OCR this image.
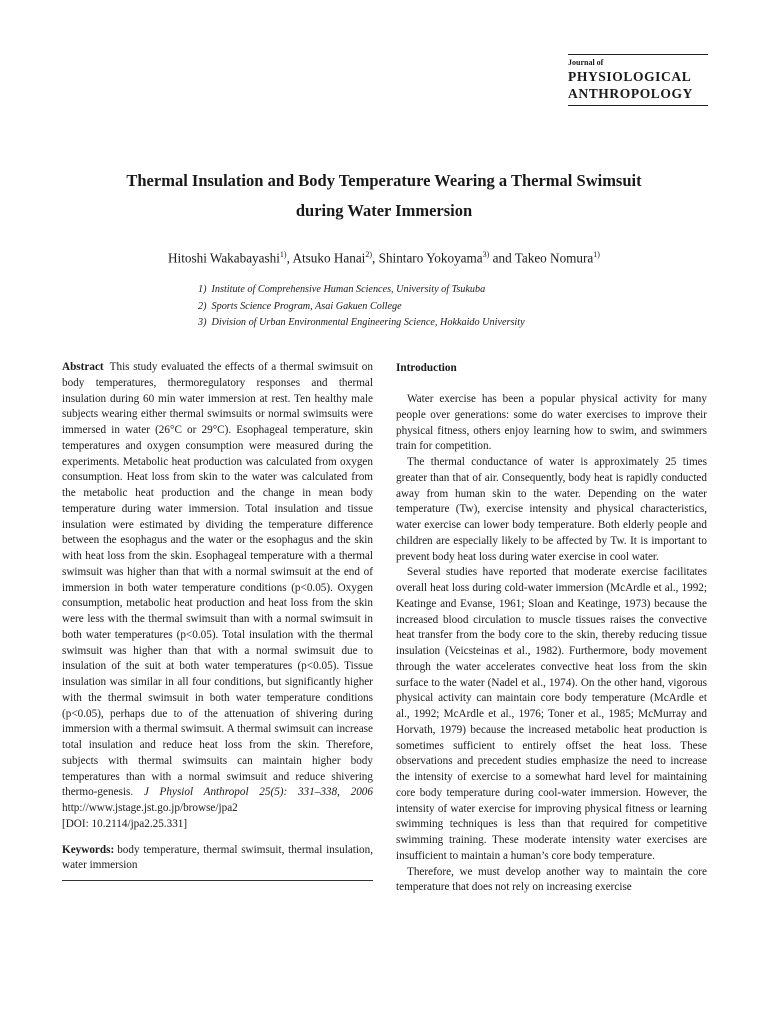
Journal of
PHYSIOLOGICAL
ANTHROPOLOGY
Thermal Insulation and Body Temperature Wearing a Thermal Swimsuit
during Water Immersion
Hitoshi Wakabayashi$^{1)}$, Atsuko Hanai$^{2)}$, Shintaro Yokoyama$^{3)}$ and Takeo Nomura$^{1)}$
1) Institute of Comprehensive Human Sciences, University of Tsukuba
2) Sports Science Program, Asai Gakuen College
3) Division of Urban Environmental Engineering Science, Hokkaido University
Abstract This study evaluated the effects of a thermal swimsuit on body temperatures, thermoregulatory responses and thermal insulation during 60 min water immersion at rest. Ten healthy male subjects wearing either thermal swimsuits or normal swimsuits were immersed in water (26°C or 29°C). Esophageal temperature, skin temperatures and oxygen consumption were measured during the experiments. Metabolic heat production was calculated from oxygen consumption. Heat loss from skin to the water was calculated from the metabolic heat production and the change in mean body temperature during water immersion. Total insulation and tissue insulation were estimated by dividing the temperature difference between the esophagus and the water or the esophagus and the skin with heat loss from the skin. Esophageal temperature with a thermal swimsuit was higher than that with a normal swimsuit at the end of immersion in both water temperature conditions (p<0.05). Oxygen consumption, metabolic heat production and heat loss from the skin were less with the thermal swimsuit than with a normal swimsuit in both water temperatures (p<0.05). Total insulation with the thermal swimsuit was higher than that with a normal swimsuit due to insulation of the suit at both water temperatures (p<0.05). Tissue insulation was similar in all four conditions, but significantly higher with the thermal swimsuit in both water temperature conditions (p<0.05), perhaps due to of the attenuation of shivering during immersion with a thermal swimsuit. A thermal swimsuit can increase total insulation and reduce heat loss from the skin. Therefore, subjects with thermal swimsuits can maintain higher body temperatures than with a normal swimsuit and reduce shivering thermo-genesis. J Physiol Anthropol 25(5): 331–338, 2006 http://www.jstage.jst.go.jp/browse/jpa2
[DOI: 10.2114/jpa2.25.331]
Keywords: body temperature, thermal swimsuit, thermal insulation, water immersion
Introduction

Water exercise has been a popular physical activity for many people over generations: some do water exercises to improve their physical fitness, others enjoy learning how to swim, and swimmers train for competition.

The thermal conductance of water is approximately 25 times greater than that of air. Consequently, body heat is rapidly conducted away from human skin to the water. Depending on the water temperature (Tw), exercise intensity and physical characteristics, water exercise can lower body temperature. Both elderly people and children are especially likely to be affected by Tw. It is important to prevent body heat loss during water exercise in cool water.

Several studies have reported that moderate exercise facilitates overall heat loss during cold-water immersion (McArdle et al., 1992; Keatinge and Evanse, 1961; Sloan and Keatinge, 1973) because the increased blood circulation to muscle tissues raises the convective heat transfer from the body core to the skin, thereby reducing tissue insulation (Veicsteinas et al., 1982). Furthermore, body movement through the water accelerates convective heat loss from the skin surface to the water (Nadel et al., 1974). On the other hand, vigorous physical activity can maintain core body temperature (McArdle et al., 1992; McArdle et al., 1976; Toner et al., 1985; McMurray and Horvath, 1979) because the increased metabolic heat production is sometimes sufficient to entirely offset the heat loss. These observations and precedent studies emphasize the need to increase the intensity of exercise to a somewhat hard level for maintaining core body temperature during cool-water immersion. However, the intensity of water exercise for improving physical fitness or learning swimming techniques is less than that required for competitive swimming training. These moderate intensity water exercises are insufficient to maintain a human’s core body temperature.

Therefore, we must develop another way to maintain the core temperature that does not rely on increasing exercise
